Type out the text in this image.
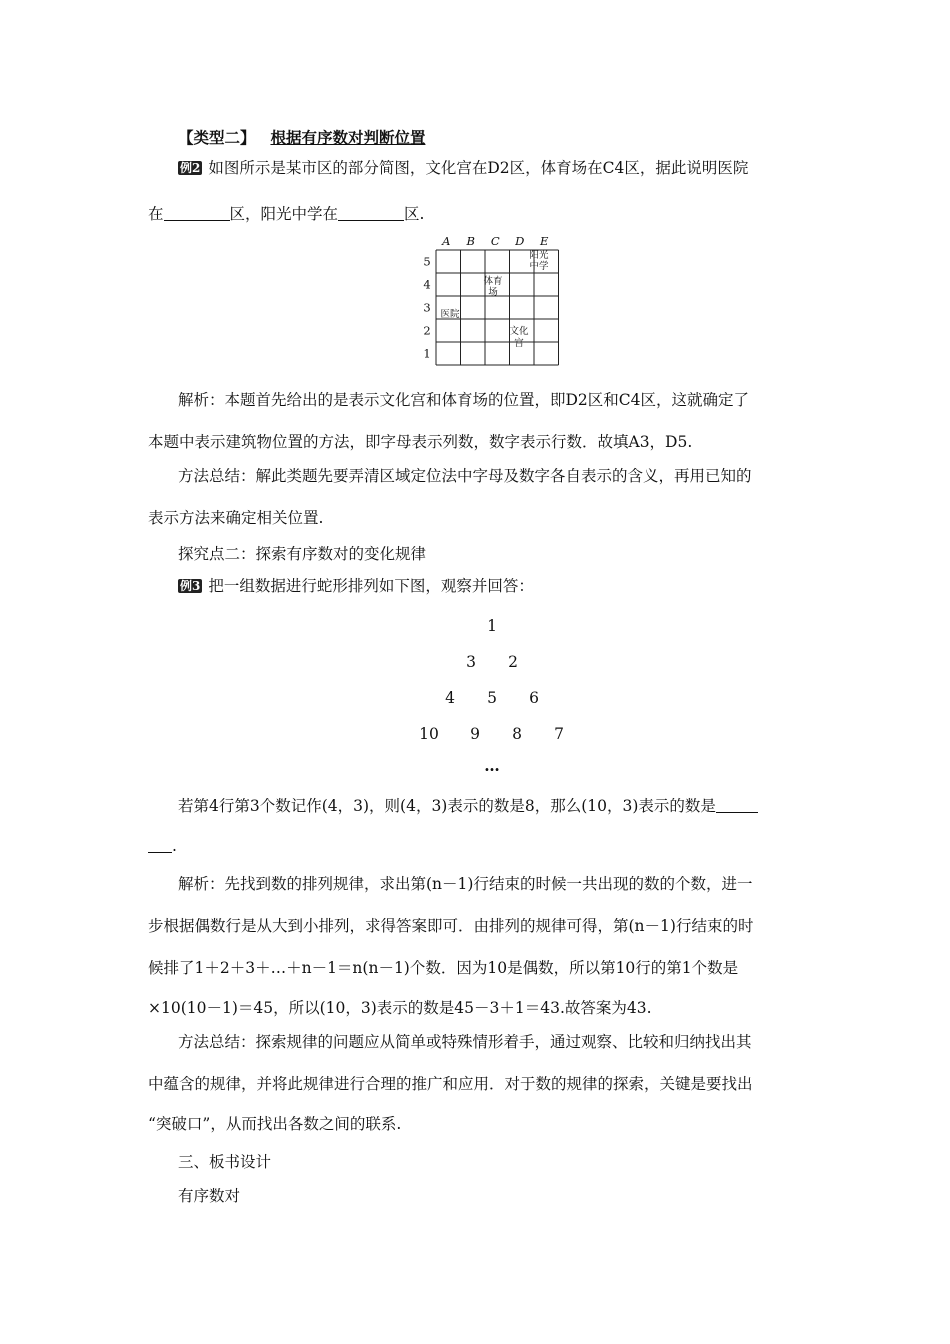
【类型二】 根据有序数对判断位置
例2 如图所示是某市区的部分简图，文化宫在D2区，体育场在C4区，据此说明医院
在	区，阳光中学在	区.
A B C D E
5
4
3
2
1
阳光
中学
体育
场
医院
文化
宫
解析：本题首先给出的是表示文化宫和体育场的位置，即D2区和C4区，这就确定了
本题中表示建筑物位置的方法，即字母表示列数，数字表示行数．故填A3，D5.
方法总结：解此类题先要弄清区域定位法中字母及数字各自表示的含义，再用已知的
表示方法来确定相关位置.
探究点二：探索有序数对的变化规律
例3 把一组数据进行蛇形排列如下图，观察并回答：
1
3	2
4	5	6
10	9	8	7
…
若第4行第3个数记作(4，3)，则(4，3)表示的数是8，那么(10，3)表示的数是
.
解析：先找到数的排列规律，求出第(n－1)行结束的时候一共出现的数的个数，进一
步根据偶数行是从大到小排列，求得答案即可．由排列的规律可得，第(n－1)行结束的时
候排了1＋2＋3＋…＋n－1＝n(n－1)个数．因为10是偶数，所以第10行的第1个数是
×10(10－1)＝45，所以(10，3)表示的数是45－3＋1＝43.故答案为43.
方法总结：探索规律的问题应从简单或特殊情形着手，通过观察、比较和归纳找出其
中蕴含的规律，并将此规律进行合理的推广和应用．对于数的规律的探索，关键是要找出
“突破口”，从而找出各数之间的联系.
三、板书设计
有序数对
